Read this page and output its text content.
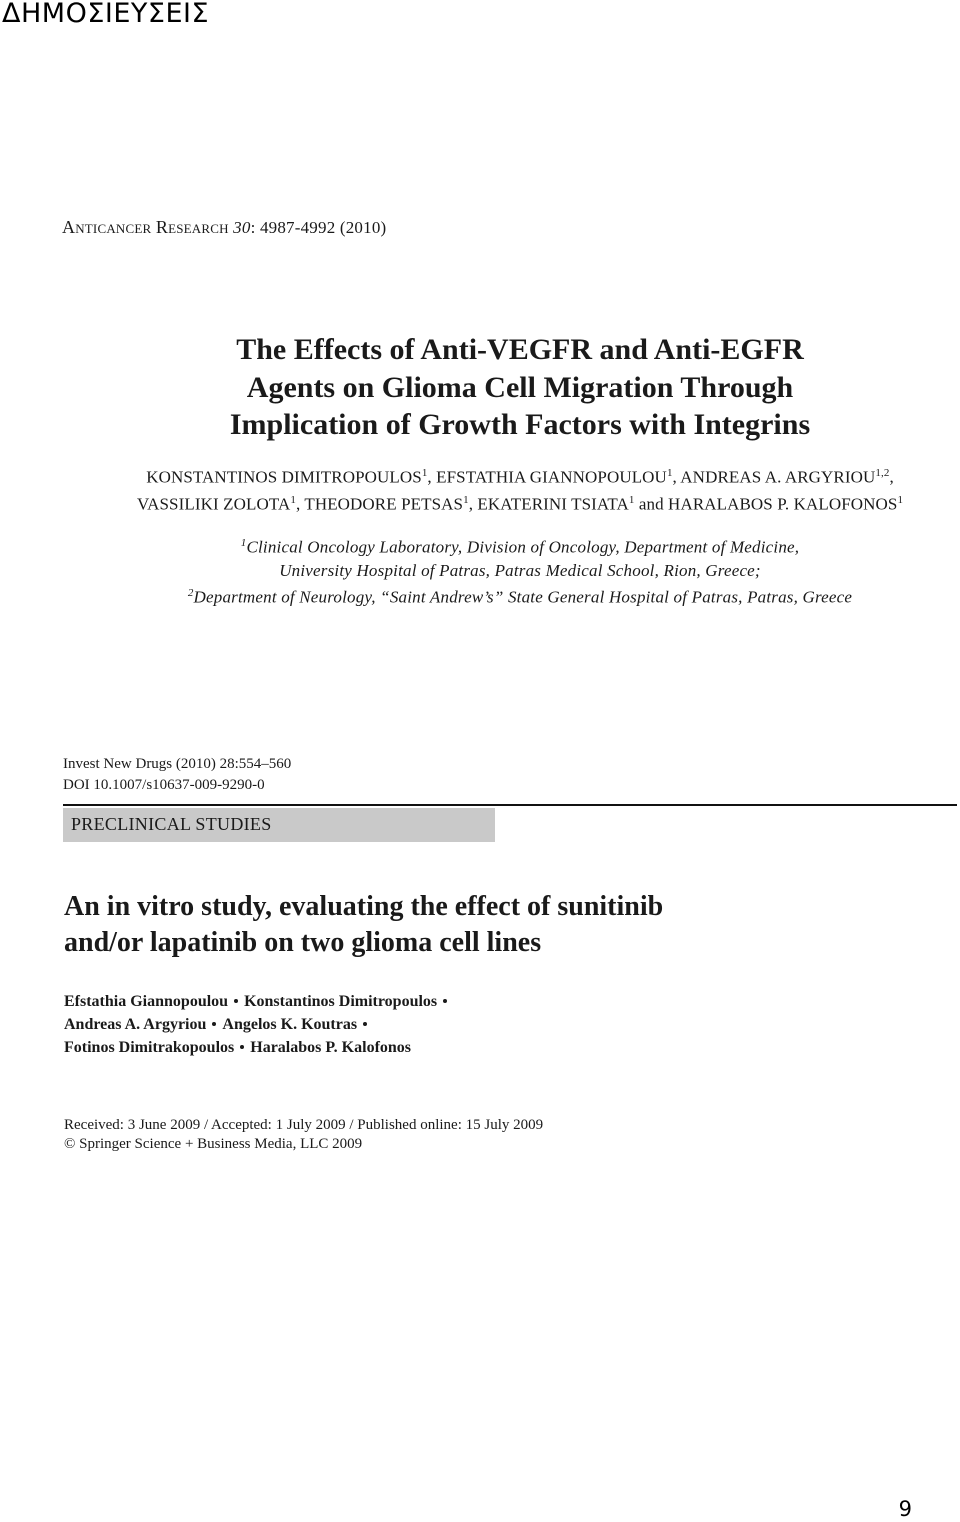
ΔΗΜΟΣΙΕΥΣΕΙΣ
ANTICANCER RESEARCH 30: 4987-4992 (2010)
The Effects of Anti-VEGFR and Anti-EGFR
Agents on Glioma Cell Migration Through
Implication of Growth Factors with Integrins
KONSTANTINOS DIMITROPOULOS$^1$, EFSTATHIA GIANNOPOULOU$^1$, ANDREAS A. ARGYRIOU$^{1,2}$,
VASSILIKI ZOLOTA$^1$, THEODORE PETSAS$^1$, EKATERINI TSIATA$^1$ and HARALABOS P. KALOFONOS$^1$
$^1$Clinical Oncology Laboratory, Division of Oncology, Department of Medicine,
University Hospital of Patras, Patras Medical School, Rion, Greece;
$^2$Department of Neurology, “Saint Andrew’s” State General Hospital of Patras, Patras, Greece
Invest New Drugs (2010) 28:554–560
DOI 10.1007/s10637-009-9290-0
PRECLINICAL STUDIES
An in vitro study, evaluating the effect of sunitinib
and/or lapatinib on two glioma cell lines
Efstathia Giannopoulou Konstantinos Dimitropoulos
Andreas A. Argyriou Angelos K. Koutras
Fotinos Dimitrakopoulos Haralabos P. Kalofonos
Received: 3 June 2009 / Accepted: 1 July 2009 / Published online: 15 July 2009
© Springer Science + Business Media, LLC 2009
9
